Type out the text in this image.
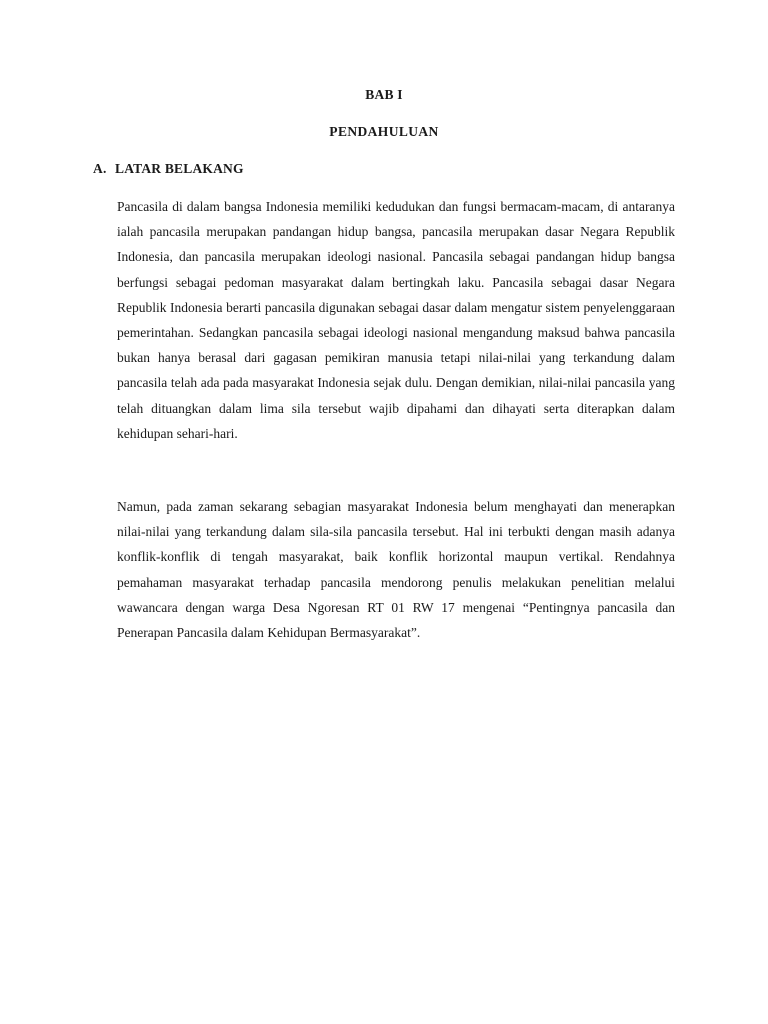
BAB I
PENDAHULUAN
A. LATAR BELAKANG

Pancasila di dalam bangsa Indonesia memiliki kedudukan dan fungsi bermacam-macam, di antaranya ialah pancasila merupakan pandangan hidup bangsa, pancasila merupakan dasar Negara Republik Indonesia, dan pancasila merupakan ideologi nasional. Pancasila sebagai pandangan hidup bangsa berfungsi sebagai pedoman masyarakat dalam bertingkah laku. Pancasila sebagai dasar Negara Republik Indonesia berarti pancasila digunakan sebagai dasar dalam mengatur sistem penyelenggaraan pemerintahan. Sedangkan pancasila sebagai ideologi nasional mengandung maksud bahwa pancasila bukan hanya berasal dari gagasan pemikiran manusia tetapi nilai-nilai yang terkandung dalam pancasila telah ada pada masyarakat Indonesia sejak dulu. Dengan demikian, nilai-nilai pancasila yang telah dituangkan dalam lima sila tersebut wajib dipahami dan dihayati serta diterapkan dalam kehidupan sehari-hari.

Namun, pada zaman sekarang sebagian masyarakat Indonesia belum menghayati dan menerapkan nilai-nilai yang terkandung dalam sila-sila pancasila tersebut. Hal ini terbukti dengan masih adanya konflik-konflik di tengah masyarakat, baik konflik horizontal maupun vertikal. Rendahnya pemahaman masyarakat terhadap pancasila mendorong penulis melakukan penelitian melalui wawancara dengan warga Desa Ngoresan RT 01 RW 17 mengenai “Pentingnya pancasila dan Penerapan Pancasila dalam Kehidupan Bermasyarakat”.
